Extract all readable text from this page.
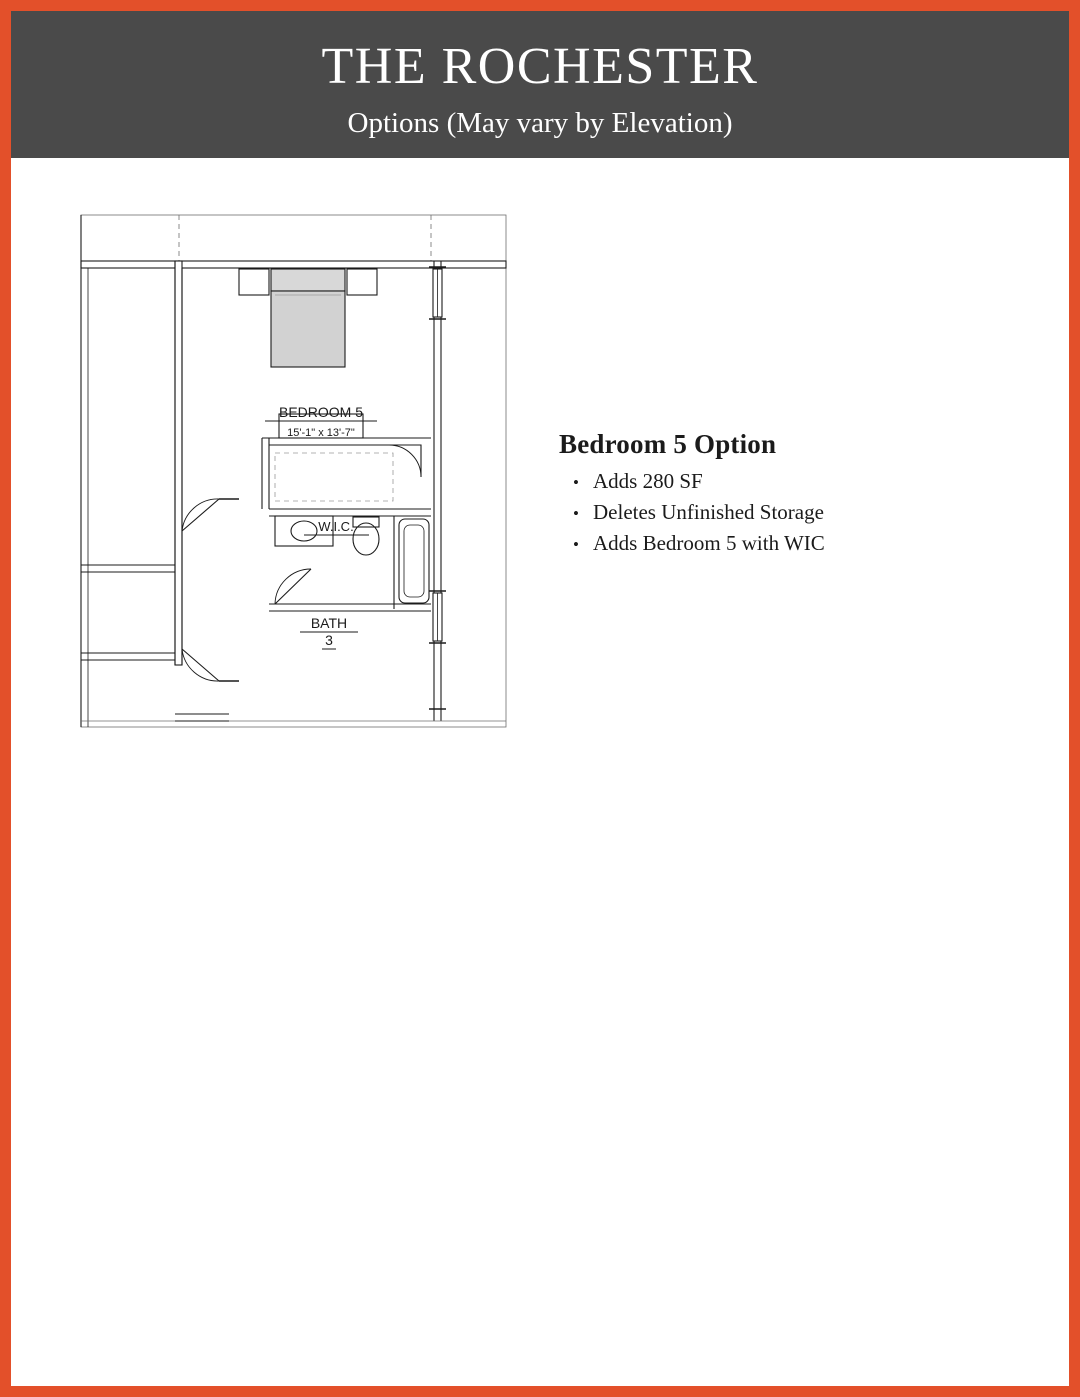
THE ROCHESTER
Options (May vary by Elevation)
BEDROOM 5
15'-1" x 13'-7"
W.I.C.
BATH
3
Bedroom 5 Option
• Adds 280 SF
• Deletes Unfinished Storage
• Adds Bedroom 5 with WIC
